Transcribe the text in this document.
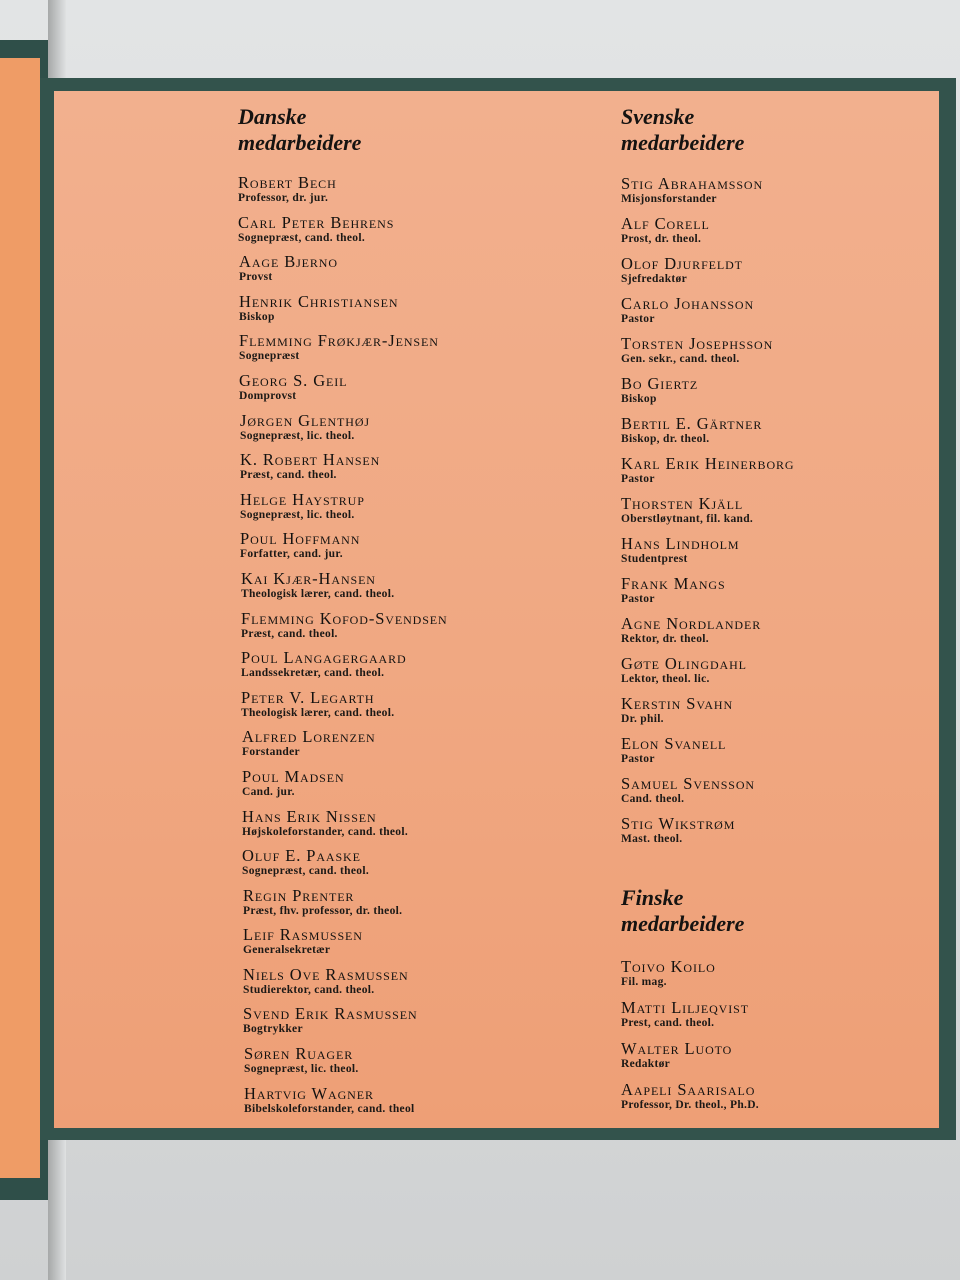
Danske
medarbeidere
Robert Bech
Professor, dr. jur.
Carl Peter Behrens
Sognepræst, cand. theol.
Aage Bjerno
Provst
Henrik Christiansen
Biskop
Flemming Frøkjær-Jensen
Sognepræst
Georg S. Geil
Domprovst
Jørgen Glenthøj
Sognepræst, lic. theol.
K. Robert Hansen
Præst, cand. theol.
Helge Haystrup
Sognepræst, lic. theol.
Poul Hoffmann
Forfatter, cand. jur.
Kai Kjær-Hansen
Theologisk lærer, cand. theol.
Flemming Kofod-Svendsen
Præst, cand. theol.
Poul Langagergaard
Landssekretær, cand. theol.
Peter V. Legarth
Theologisk lærer, cand. theol.
Alfred Lorenzen
Forstander
Poul Madsen
Cand. jur.
Hans Erik Nissen
Højskoleforstander, cand. theol.
Oluf E. Paaske
Sognepræst, cand. theol.
Regin Prenter
Præst, fhv. professor, dr. theol.
Leif Rasmussen
Generalsekretær
Niels Ove Rasmussen
Studierektor, cand. theol.
Svend Erik Rasmussen
Bogtrykker
Søren Ruager
Sognepræst, lic. theol.
Hartvig Wagner
Bibelskoleforstander, cand. theol
Svenske
medarbeidere
Stig Abrahamsson
Misjonsforstander
Alf Corell
Prost, dr. theol.
Olof Djurfeldt
Sjefredaktør
Carlo Johansson
Pastor
Torsten Josephsson
Gen. sekr., cand. theol.
Bo Giertz
Biskop
Bertil E. Gärtner
Biskop, dr. theol.
Karl Erik Heinerborg
Pastor
Thorsten Kjäll
Oberstløytnant, fil. kand.
Hans Lindholm
Studentprest
Frank Mangs
Pastor
Agne Nordlander
Rektor, dr. theol.
Gøte Olingdahl
Lektor, theol. lic.
Kerstin Svahn
Dr. phil.
Elon Svanell
Pastor
Samuel Svensson
Cand. theol.
Stig Wikstrøm
Mast. theol.
Finske
medarbeidere
Toivo Koilo
Fil. mag.
Matti Liljeqvist
Prest, cand. theol.
Walter Luoto
Redaktør
Aapeli Saarisalo
Professor, Dr. theol., Ph.D.
